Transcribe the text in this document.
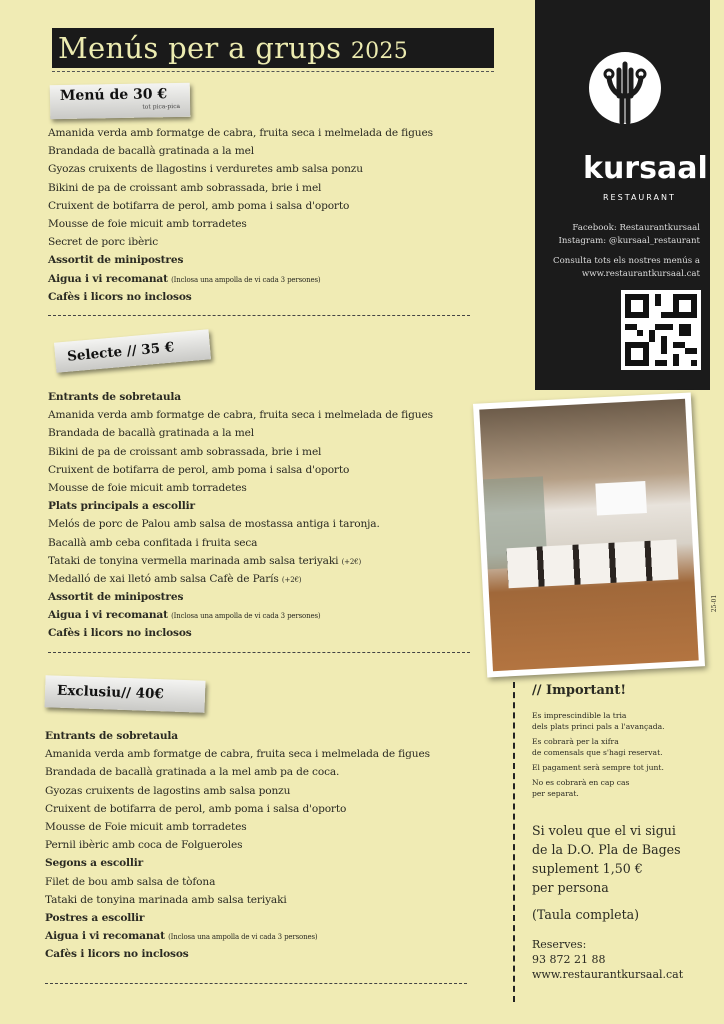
Menús per a grups 2025
Menú de 30 €
tot pica-pica
Amanida verda amb formatge de cabra, fruita seca i melmelada de figues
Brandada de bacallà gratinada a la mel
Gyozas cruixents de llagostins i verduretes amb salsa ponzu
Bikini de pa de croissant amb sobrassada, brie i mel
Cruixent de botifarra de perol, amb poma i salsa d'oporto
Mousse de foie micuit amb torradetes
Secret de porc ibèric
Assortit de minipostres
Aigua i vi recomanat (Inclosa una ampolla de vi cada 3 persones)
Cafès i licors no inclosos
Selecte // 35 €
Entrants de sobretaula
Amanida verda amb formatge de cabra, fruita seca i melmelada de figues
Brandada de bacallà gratinada a la mel
Bikini de pa de croissant amb sobrassada, brie i mel
Cruixent de botifarra de perol, amb poma i salsa d'oporto
Mousse de foie micuit amb torradetes
Plats principals a escollir
Melós de porc de Palou amb salsa de mostassa antiga i taronja.
Bacallà amb ceba confitada i fruita seca
Tataki de tonyina vermella marinada amb salsa teriyaki (+2€)
Medalló de xai lletó amb salsa Cafè de París (+2€)
Assortit de minipostres
Aigua i vi recomanat (Inclosa una ampolla de vi cada 3 persones)
Cafès i licors no inclosos
Exclusiu// 40€
Entrants de sobretaula
Amanida verda amb formatge de cabra, fruita seca i melmelada de figues
Brandada de bacallà gratinada a la mel amb pa de coca.
Gyozas cruixents de lagostins amb salsa ponzu
Cruixent de botifarra de perol, amb poma i salsa d'oporto
Mousse de Foie micuit amb torradetes
Pernil ibèric amb coca de Folgueroles
Segons a escollir
Filet de bou amb salsa de tòfona
Tataki de tonyina marinada amb salsa teriyaki
Postres a escollir
Aigua i vi recomanat (Inclosa una ampolla de vi cada 3 persones)
Cafès i licors no inclosos
kursaal
RESTAURANT
Facebook: Restaurantkursaal
Instagram: @kursaal_restaurant
Consulta tots els nostres menús a
www.restaurantkursaal.cat
25-01
// Important!
Es imprescindible la tria
dels plats princi pals a l'avançada.
Es cobrarà per la xifra
de comensals que s'hagi reservat.
El pagament serà sempre tot junt.
No es cobrarà en cap cas
per separat.
Si voleu que el vi sigui
de la D.O. Pla de Bages
suplement 1,50 €
per persona
(Taula completa)
Reserves:
93 872 21 88
www.restaurantkursaal.cat
